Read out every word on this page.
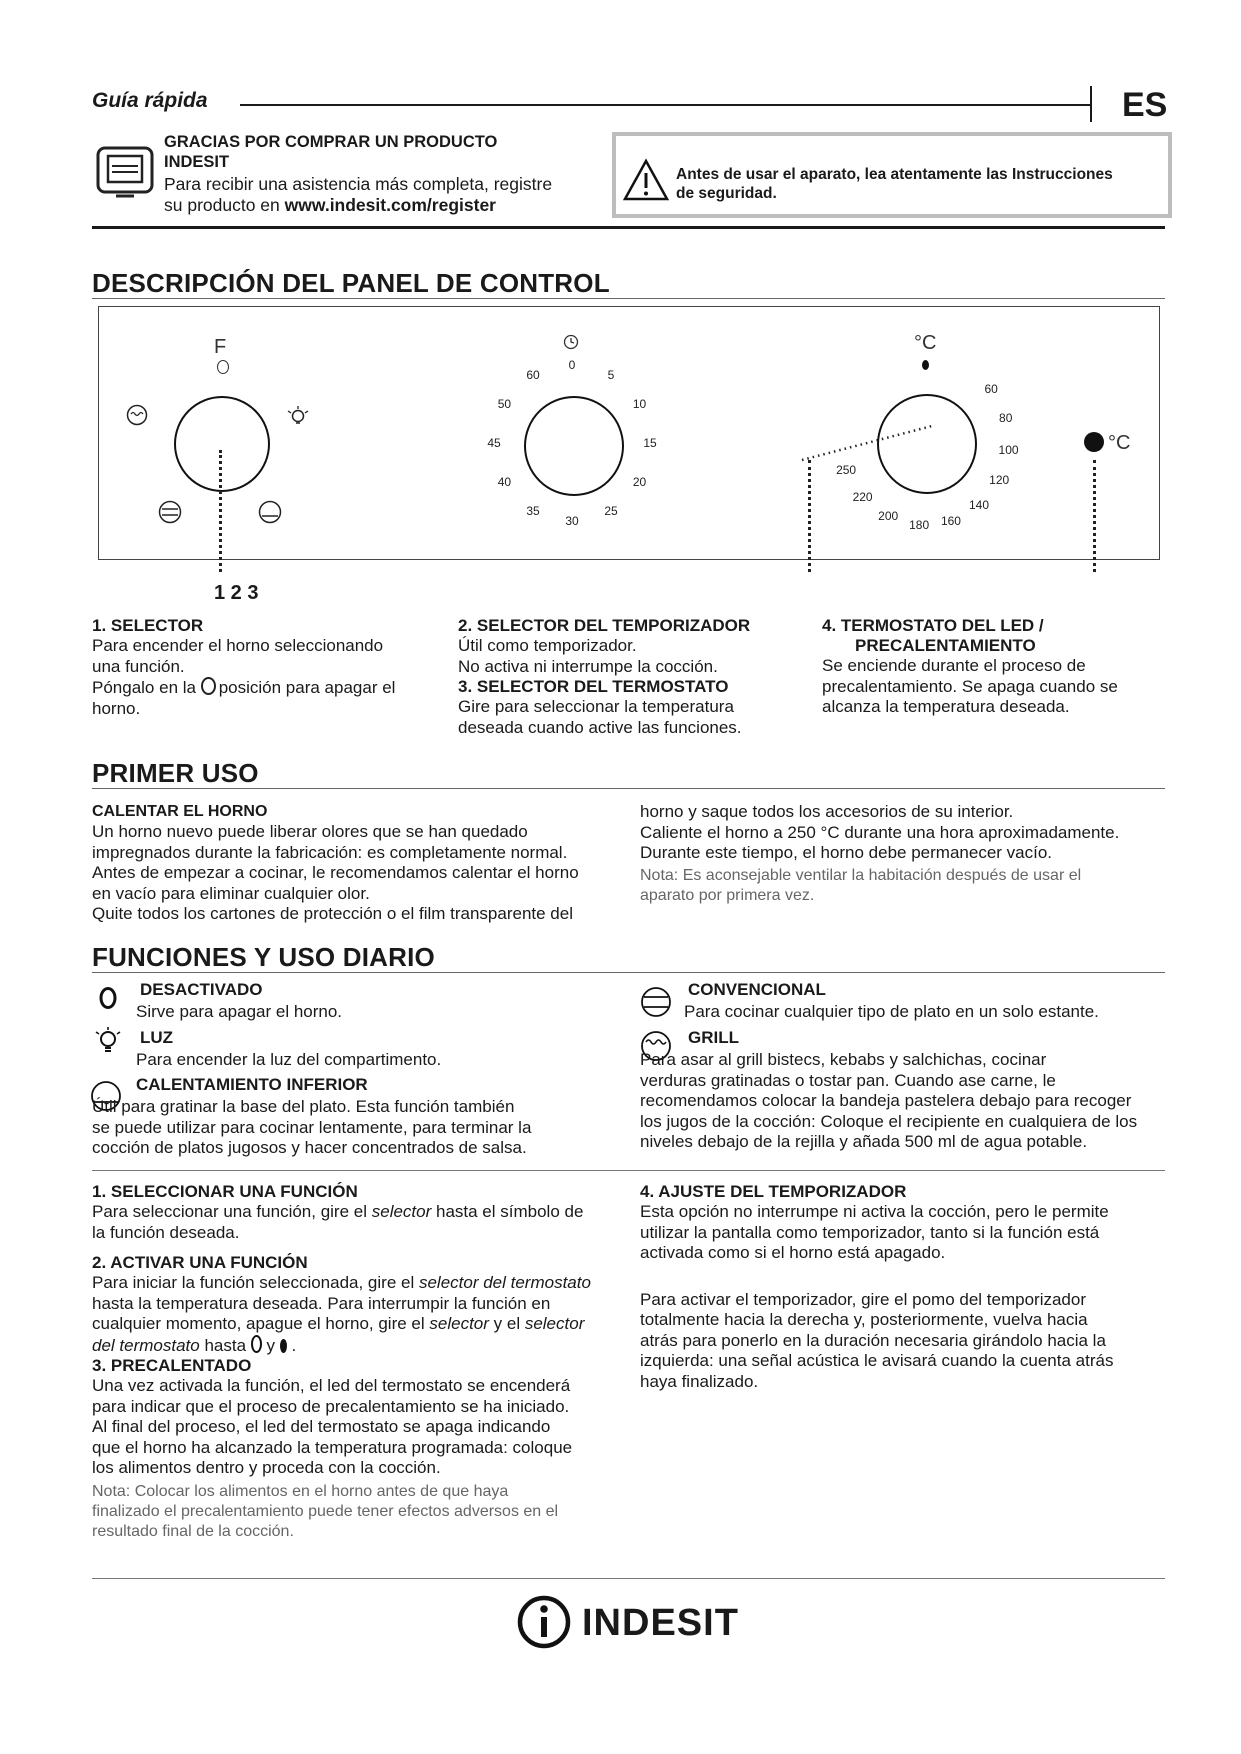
Guía rápida	ES
GRACIAS POR COMPRAR UN PRODUCTO
INDESIT
Para recibir una asistencia más completa, registre
su producto en www.indesit.com/register
Antes de usar el aparato, lea atentamente las Instrucciones
de seguridad.
DESCRIPCIÓN DEL PANEL DE CONTROL
F
1 2 3
0
5
10
15
20
25
30
35
40
45
50
60
°C
60
80
100
120
140
160
180
200
220
250
°C
1. SELECTOR
Para encender el horno seleccionando
una función.
Póngalo en la posición para apagar el
horno.
2. SELECTOR DEL TEMPORIZADOR
Útil como temporizador.
No activa ni interrumpe la cocción.
3. SELECTOR DEL TERMOSTATO
Gire para seleccionar la temperatura
deseada cuando active las funciones.
4. TERMOSTATO DEL LED /
PRECALENTAMIENTO
Se enciende durante el proceso de
precalentamiento. Se apaga cuando se
alcanza la temperatura deseada.
PRIMER USO
CALENTAR EL HORNO
Un horno nuevo puede liberar olores que se han quedado
impregnados durante la fabricación: es completamente normal.
Antes de empezar a cocinar, le recomendamos calentar el horno
en vacío para eliminar cualquier olor.
Quite todos los cartones de protección o el film transparente del
horno y saque todos los accesorios de su interior.
Caliente el horno a 250 °C durante una hora aproximadamente.
Durante este tiempo, el horno debe permanecer vacío.
Nota: Es aconsejable ventilar la habitación después de usar el
aparato por primera vez.
FUNCIONES Y USO DIARIO
DESACTIVADO
Sirve para apagar el horno.
LUZ
Para encender la luz del compartimento.
CALENTAMIENTO INFERIOR
Útil para gratinar la base del plato. Esta función también
se puede utilizar para cocinar lentamente, para terminar la
cocción de platos jugosos y hacer concentrados de salsa.
CONVENCIONAL
Para cocinar cualquier tipo de plato en un solo estante.
GRILL
Para asar al grill bistecs, kebabs y salchichas, cocinar
verduras gratinadas o tostar pan. Cuando ase carne, le
recomendamos colocar la bandeja pastelera debajo para recoger
los jugos de la cocción: Coloque el recipiente en cualquiera de los
niveles debajo de la rejilla y añada 500 ml de agua potable.
1. SELECCIONAR UNA FUNCIÓN
Para seleccionar una función, gire el selector hasta el símbolo de
la función deseada.
2. ACTIVAR UNA FUNCIÓN
Para iniciar la función seleccionada, gire el selector del termostato
hasta la temperatura deseada. Para interrumpir la función en
cualquier momento, apague el horno, gire el selector y el selector
del termostato hasta  y  .
3. PRECALENTADO
Una vez activada la función, el led del termostato se encenderá
para indicar que el proceso de precalentamiento se ha iniciado.
Al final del proceso, el led del termostato se apaga indicando
que el horno ha alcanzado la temperatura programada: coloque
los alimentos dentro y proceda con la cocción.
Nota: Colocar los alimentos en el horno antes de que haya
finalizado el precalentamiento puede tener efectos adversos en el
resultado final de la cocción.
4. AJUSTE DEL TEMPORIZADOR
Esta opción no interrumpe ni activa la cocción, pero le permite
utilizar la pantalla como temporizador, tanto si la función está
activada como si el horno está apagado.
Para activar el temporizador, gire el pomo del temporizador
totalmente hacia la derecha y, posteriormente, vuelva hacia
atrás para ponerlo en la duración necesaria girándolo hacia la
izquierda: una señal acústica le avisará cuando la cuenta atrás
haya finalizado.
INDESIT
